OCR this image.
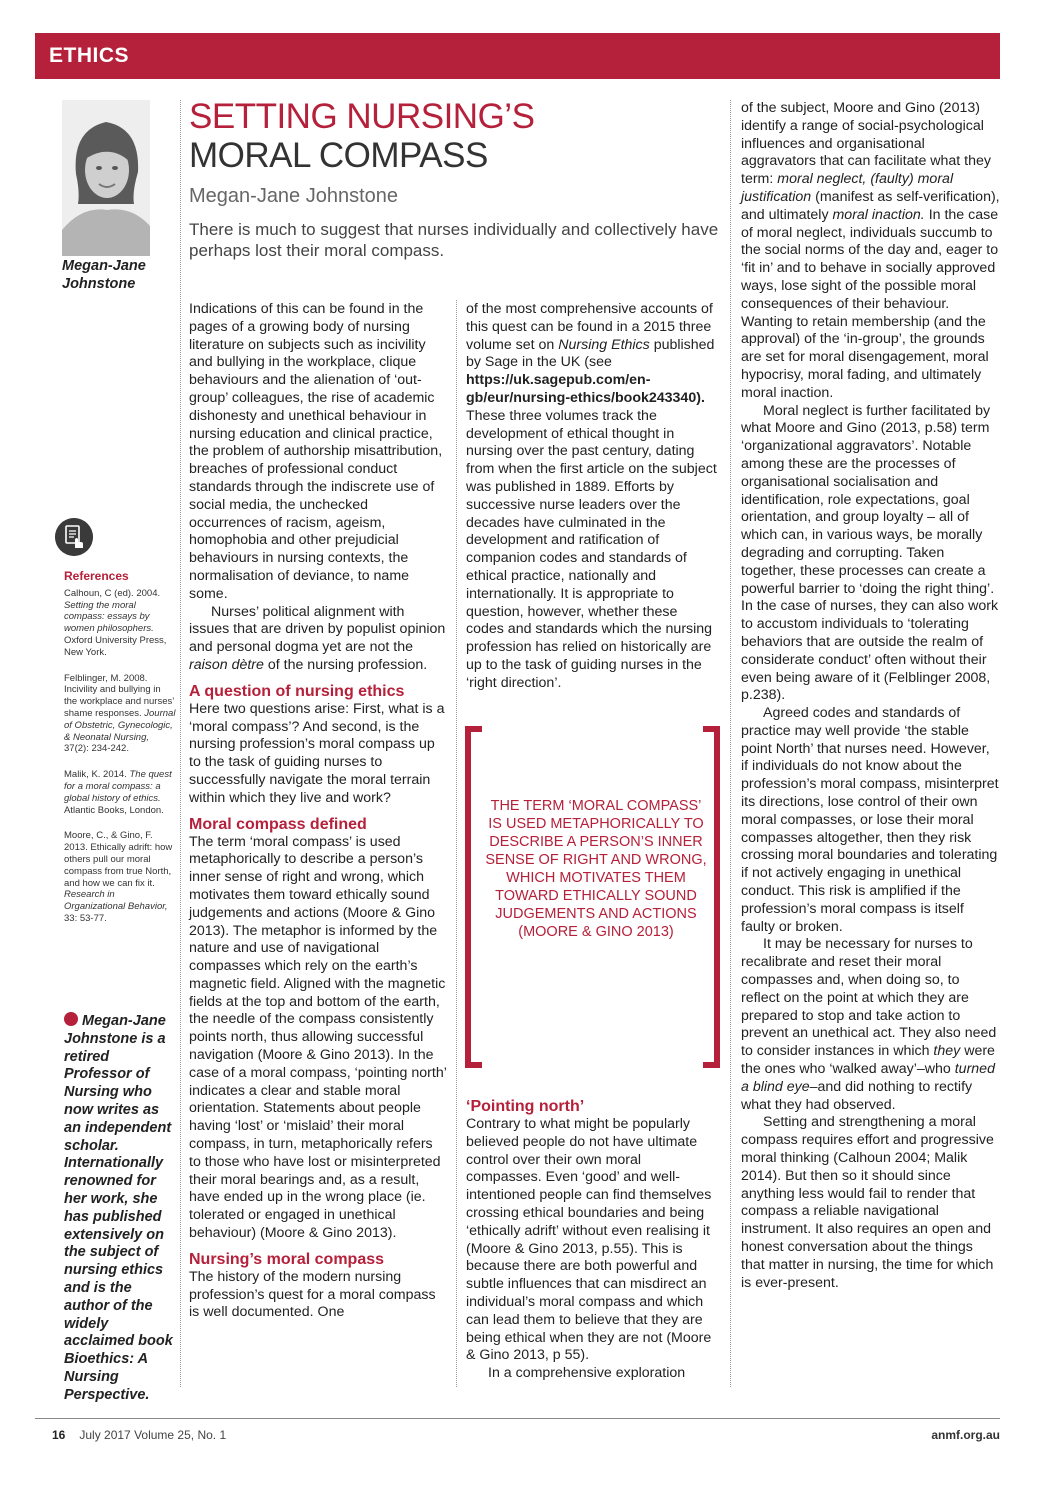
ETHICS
Megan-Jane Johnstone
SETTING NURSING’S
MORAL COMPASS
Megan-Jane Johnstone
There is much to suggest that nurses individually and collectively have perhaps lost their moral compass.

Indications of this can be found in the pages of a growing body of nursing literature on subjects such as incivility and bullying in the workplace, clique behaviours and the alienation of ‘out-group’ colleagues, the rise of academic dishonesty and unethical behaviour in nursing education and clinical practice, the problem of authorship misattribution, breaches of professional conduct standards through the indiscrete use of social media, the unchecked occurrences of racism, ageism, homophobia and other prejudicial behaviours in nursing contexts, the normalisation of deviance, to name some.

Nurses’ political alignment with issues that are driven by populist opinion and personal dogma yet are not the raison dètre of the nursing profession.

A question of nursing ethics

Here two questions arise: First, what is a ‘moral compass’? And second, is the nursing profession’s moral compass up to the task of guiding nurses to successfully navigate the moral terrain within which they live and work?

Moral compass defined

The term ‘moral compass’ is used metaphorically to describe a person’s inner sense of right and wrong, which motivates them toward ethically sound judgements and actions (Moore & Gino 2013). The metaphor is informed by the nature and use of navigational compasses which rely on the earth’s magnetic field. Aligned with the magnetic fields at the top and bottom of the earth, the needle of the compass consistently points north, thus allowing successful navigation (Moore & Gino 2013). In the case of a moral compass, ‘pointing north’ indicates a clear and stable moral orientation. Statements about people having ‘lost’ or ‘mislaid’ their moral compass, in turn, metaphorically refers to those who have lost or misinterpreted their moral bearings and, as a result, have ended up in the wrong place (ie. tolerated or engaged in unethical behaviour) (Moore & Gino 2013).

Nursing’s moral compass

The history of the modern nursing profession’s quest for a moral compass is well documented. One

of the most comprehensive accounts of this quest can be found in a 2015 three volume set on Nursing Ethics published by Sage in the UK (see https://uk.sagepub.com/en-gb/eur/nursing-ethics/book243340). These three volumes track the development of ethical thought in nursing over the past century, dating from when the first article on the subject was published in 1889. Efforts by successive nurse leaders over the decades have culminated in the development and ratification of companion codes and standards of ethical practice, nationally and internationally. It is appropriate to question, however, whether these codes and standards which the nursing profession has relied on historically are up to the task of guiding nurses in the ‘right direction’.

THE TERM ‘MORAL COMPASS’ IS USED METAPHORICALLY TO DESCRIBE A PERSON’S INNER SENSE OF RIGHT AND WRONG, WHICH MOTIVATES THEM TOWARD ETHICALLY SOUND JUDGEMENTS AND ACTIONS (MOORE & GINO 2013)
‘Pointing north’

Contrary to what might be popularly believed people do not have ultimate control over their own moral compasses. Even ‘good’ and well-intentioned people can find themselves crossing ethical boundaries and being ‘ethically adrift’ without even realising it (Moore & Gino 2013, p.55). This is because there are both powerful and subtle influences that can misdirect an individual’s moral compass and which can lead them to believe that they are being ethical when they are not (Moore & Gino 2013, p 55).

In a comprehensive exploration

of the subject, Moore and Gino (2013) identify a range of social-psychological influences and organisational aggravators that can facilitate what they term: moral neglect, (faulty) moral justification (manifest as self-verification), and ultimately moral inaction. In the case of moral neglect, individuals succumb to the social norms of the day and, eager to ‘fit in’ and to behave in socially approved ways, lose sight of the possible moral consequences of their behaviour. Wanting to retain membership (and the approval) of the ‘in-group’, the grounds are set for moral disengagement, moral hypocrisy, moral fading, and ultimately moral inaction.

Moral neglect is further facilitated by what Moore and Gino (2013, p.58) term ‘organizational aggravators’. Notable among these are the processes of organisational socialisation and identification, role expectations, goal orientation, and group loyalty – all of which can, in various ways, be morally degrading and corrupting. Taken together, these processes can create a powerful barrier to ‘doing the right thing’. In the case of nurses, they can also work to accustom individuals to ‘tolerating behaviors that are outside the realm of considerate conduct’ often without their even being aware of it (Felblinger 2008, p.238).

Agreed codes and standards of practice may well provide ‘the stable point North’ that nurses need. However, if individuals do not know about the profession’s moral compass, misinterpret its directions, lose control of their own moral compasses, or lose their moral compasses altogether, then they risk crossing moral boundaries and tolerating if not actively engaging in unethical conduct. This risk is amplified if the profession’s moral compass is itself faulty or broken.

It may be necessary for nurses to recalibrate and reset their moral compasses and, when doing so, to reflect on the point at which they are prepared to stop and take action to prevent an unethical act. They also need to consider instances in which they were the ones who ‘walked away’–who turned a blind eye–and did nothing to rectify what they had observed.

Setting and strengthening a moral compass requires effort and progressive moral thinking (Calhoun 2004; Malik 2014). But then so it should since anything less would fail to render that compass a reliable navigational instrument. It also requires an open and honest conversation about the things that matter in nursing, the time for which is ever-present.

References

Calhoun, C (ed). 2004. Setting the moral compass: essays by women philosophers. Oxford University Press, New York.

Felblinger, M. 2008. Incivility and bullying in the workplace and nurses’ shame responses. Journal of Obstetric, Gynecologic, & Neonatal Nursing, 37(2): 234-242.

Malik, K. 2014. The quest for a moral compass: a global history of ethics. Atlantic Books, London.

Moore, C., & Gino, F. 2013. Ethically adrift: how others pull our moral compass from true North, and how we can fix it. Research in Organizational Behavior, 33: 53-77.

Megan-Jane Johnstone is a retired Professor of Nursing who now writes as an independent scholar. Internationally renowned for her work, she has published extensively on the subject of nursing ethics and is the author of the widely acclaimed book Bioethics: A Nursing Perspective.
16 July 2017 Volume 25, No. 1	anmf.org.au
